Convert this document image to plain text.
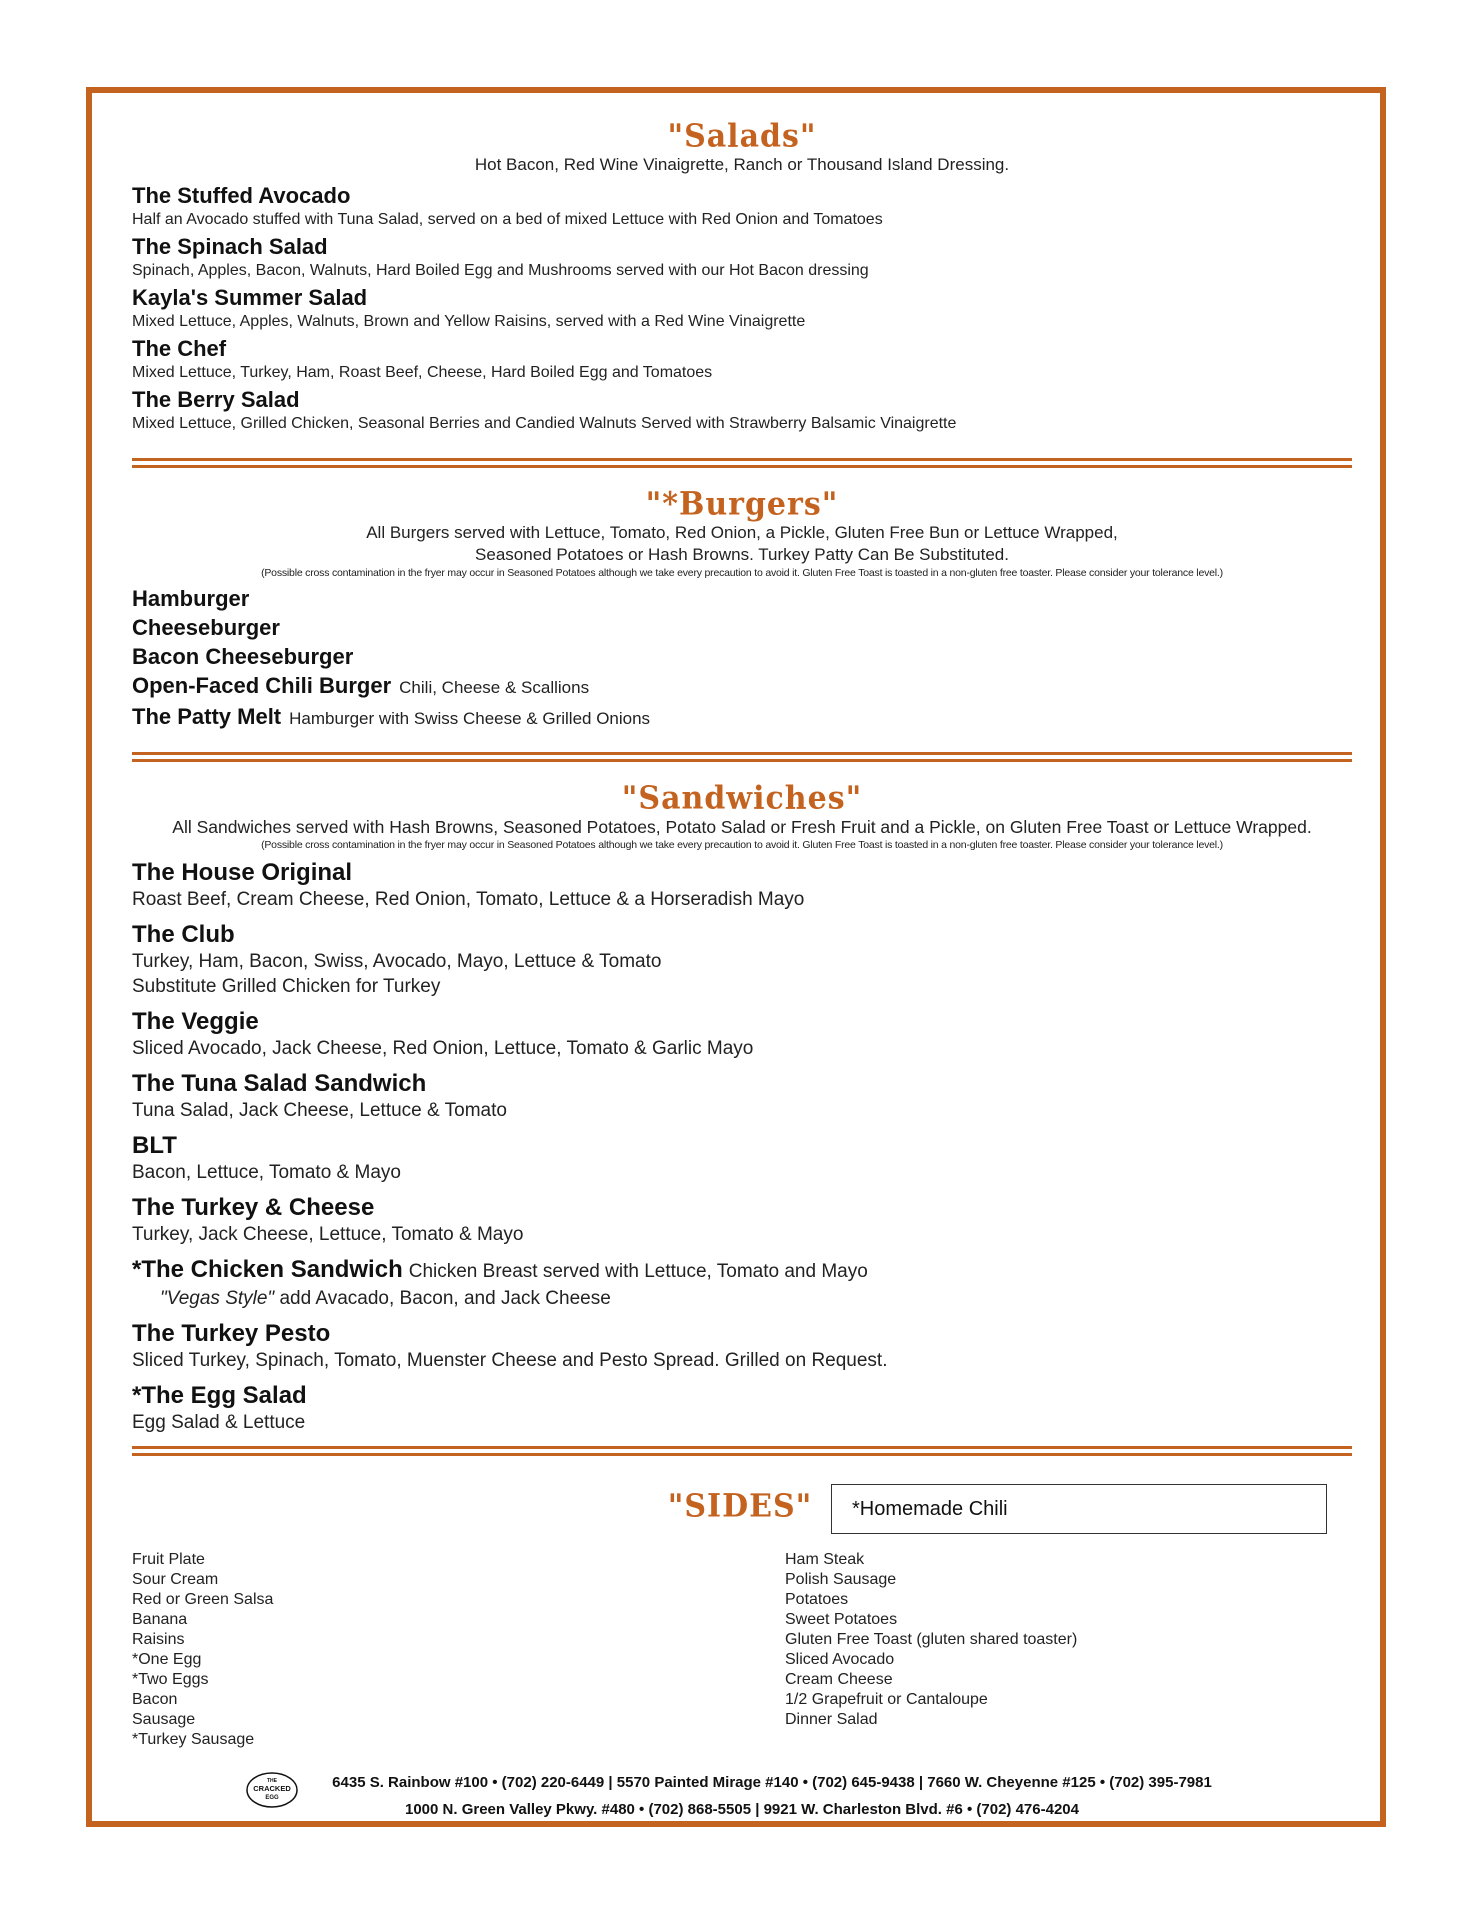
"Salads"
Hot Bacon, Red Wine Vinaigrette, Ranch or Thousand Island Dressing.
The Stuffed Avocado
Half an Avocado stuffed with Tuna Salad, served on a bed of mixed Lettuce with Red Onion and Tomatoes
The Spinach Salad
Spinach, Apples, Bacon, Walnuts, Hard Boiled Egg and Mushrooms served with our Hot Bacon dressing
Kayla's Summer Salad
Mixed Lettuce, Apples, Walnuts, Brown and Yellow Raisins, served with a Red Wine Vinaigrette
The Chef
Mixed Lettuce, Turkey, Ham, Roast Beef, Cheese, Hard Boiled Egg and Tomatoes
The Berry Salad
Mixed Lettuce, Grilled Chicken, Seasonal Berries and Candied Walnuts Served with Strawberry Balsamic Vinaigrette
"*Burgers"
All Burgers served with Lettuce, Tomato, Red Onion, a Pickle, Gluten Free Bun or Lettuce Wrapped,
Seasoned Potatoes or Hash Browns. Turkey Patty Can Be Substituted.
(Possible cross contamination in the fryer may occur in Seasoned Potatoes although we take every precaution to avoid it. Gluten Free Toast is toasted in a non-gluten free toaster. Please consider your tolerance level.)
Hamburger
Cheeseburger
Bacon Cheeseburger
Open-Faced Chili Burger Chili, Cheese & Scallions
The Patty Melt Hamburger with Swiss Cheese & Grilled Onions
"Sandwiches"
All Sandwiches served with Hash Browns, Seasoned Potatoes, Potato Salad or Fresh Fruit and a Pickle, on Gluten Free Toast or Lettuce Wrapped.
(Possible cross contamination in the fryer may occur in Seasoned Potatoes although we take every precaution to avoid it. Gluten Free Toast is toasted in a non-gluten free toaster. Please consider your tolerance level.)
The House Original
Roast Beef, Cream Cheese, Red Onion, Tomato, Lettuce & a Horseradish Mayo
The Club
Turkey, Ham, Bacon, Swiss, Avocado, Mayo, Lettuce & Tomato
Substitute Grilled Chicken for Turkey
The Veggie
Sliced Avocado, Jack Cheese, Red Onion, Lettuce, Tomato & Garlic Mayo
The Tuna Salad Sandwich
Tuna Salad, Jack Cheese, Lettuce & Tomato
BLT
Bacon, Lettuce, Tomato & Mayo
The Turkey & Cheese
Turkey, Jack Cheese, Lettuce, Tomato & Mayo
*The Chicken Sandwich Chicken Breast served with Lettuce, Tomato and Mayo
"Vegas Style" add Avacado, Bacon, and Jack Cheese
The Turkey Pesto
Sliced Turkey, Spinach, Tomato, Muenster Cheese and Pesto Spread. Grilled on Request.
*The Egg Salad
Egg Salad & Lettuce
"SIDES"	*Homemade Chili
Fruit Plate
Sour Cream
Red or Green Salsa
Banana
Raisins
*One Egg
*Two Eggs
Bacon
Sausage
*Turkey Sausage
Ham Steak
Polish Sausage
Potatoes
Sweet Potatoes
Gluten Free Toast (gluten shared toaster)
Sliced Avocado
Cream Cheese
1/2 Grapefruit or Cantaloupe
Dinner Salad
THE
CRACKED
EGG
6435 S. Rainbow #100 • (702) 220-6449 | 5570 Painted Mirage #140 • (702) 645-9438 | 7660 W. Cheyenne #125 • (702) 395-7981
1000 N. Green Valley Pkwy. #480 • (702) 868-5505 | 9921 W. Charleston Blvd. #6 • (702) 476-4204
